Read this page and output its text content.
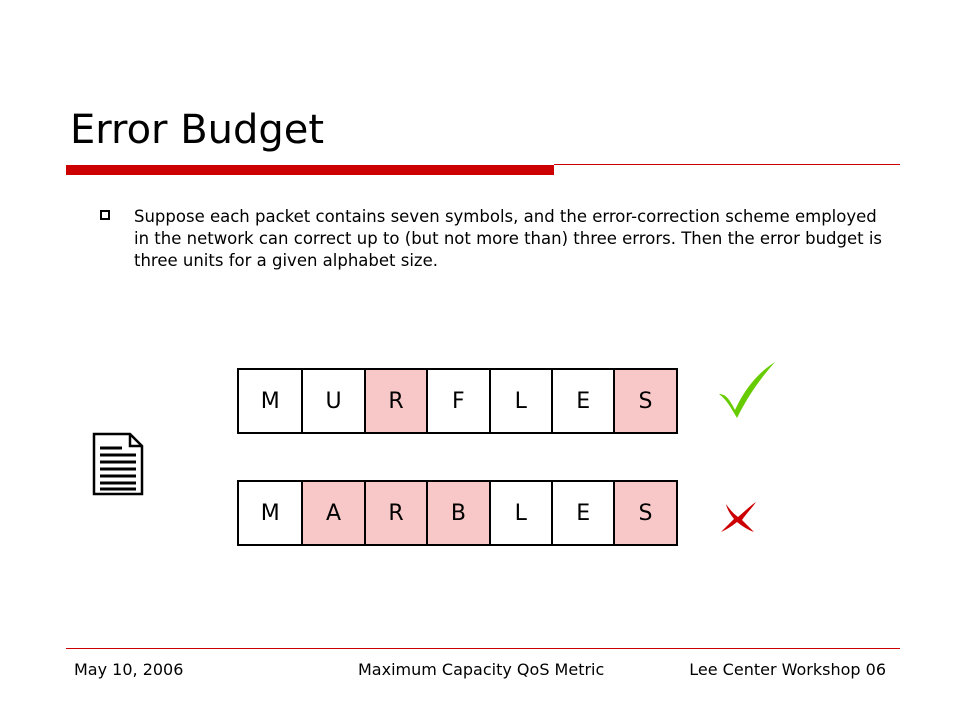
Error Budget
Suppose each packet contains seven symbols, and the error-correction scheme employed in the network can correct up to (but not more than) three errors. Then the error budget is three units for a given alphabet size.
M	U	R	F	L	E	S
M	A	R	B	L	E	S
May 10, 2006	Maximum Capacity QoS Metric	Lee Center Workshop 06
